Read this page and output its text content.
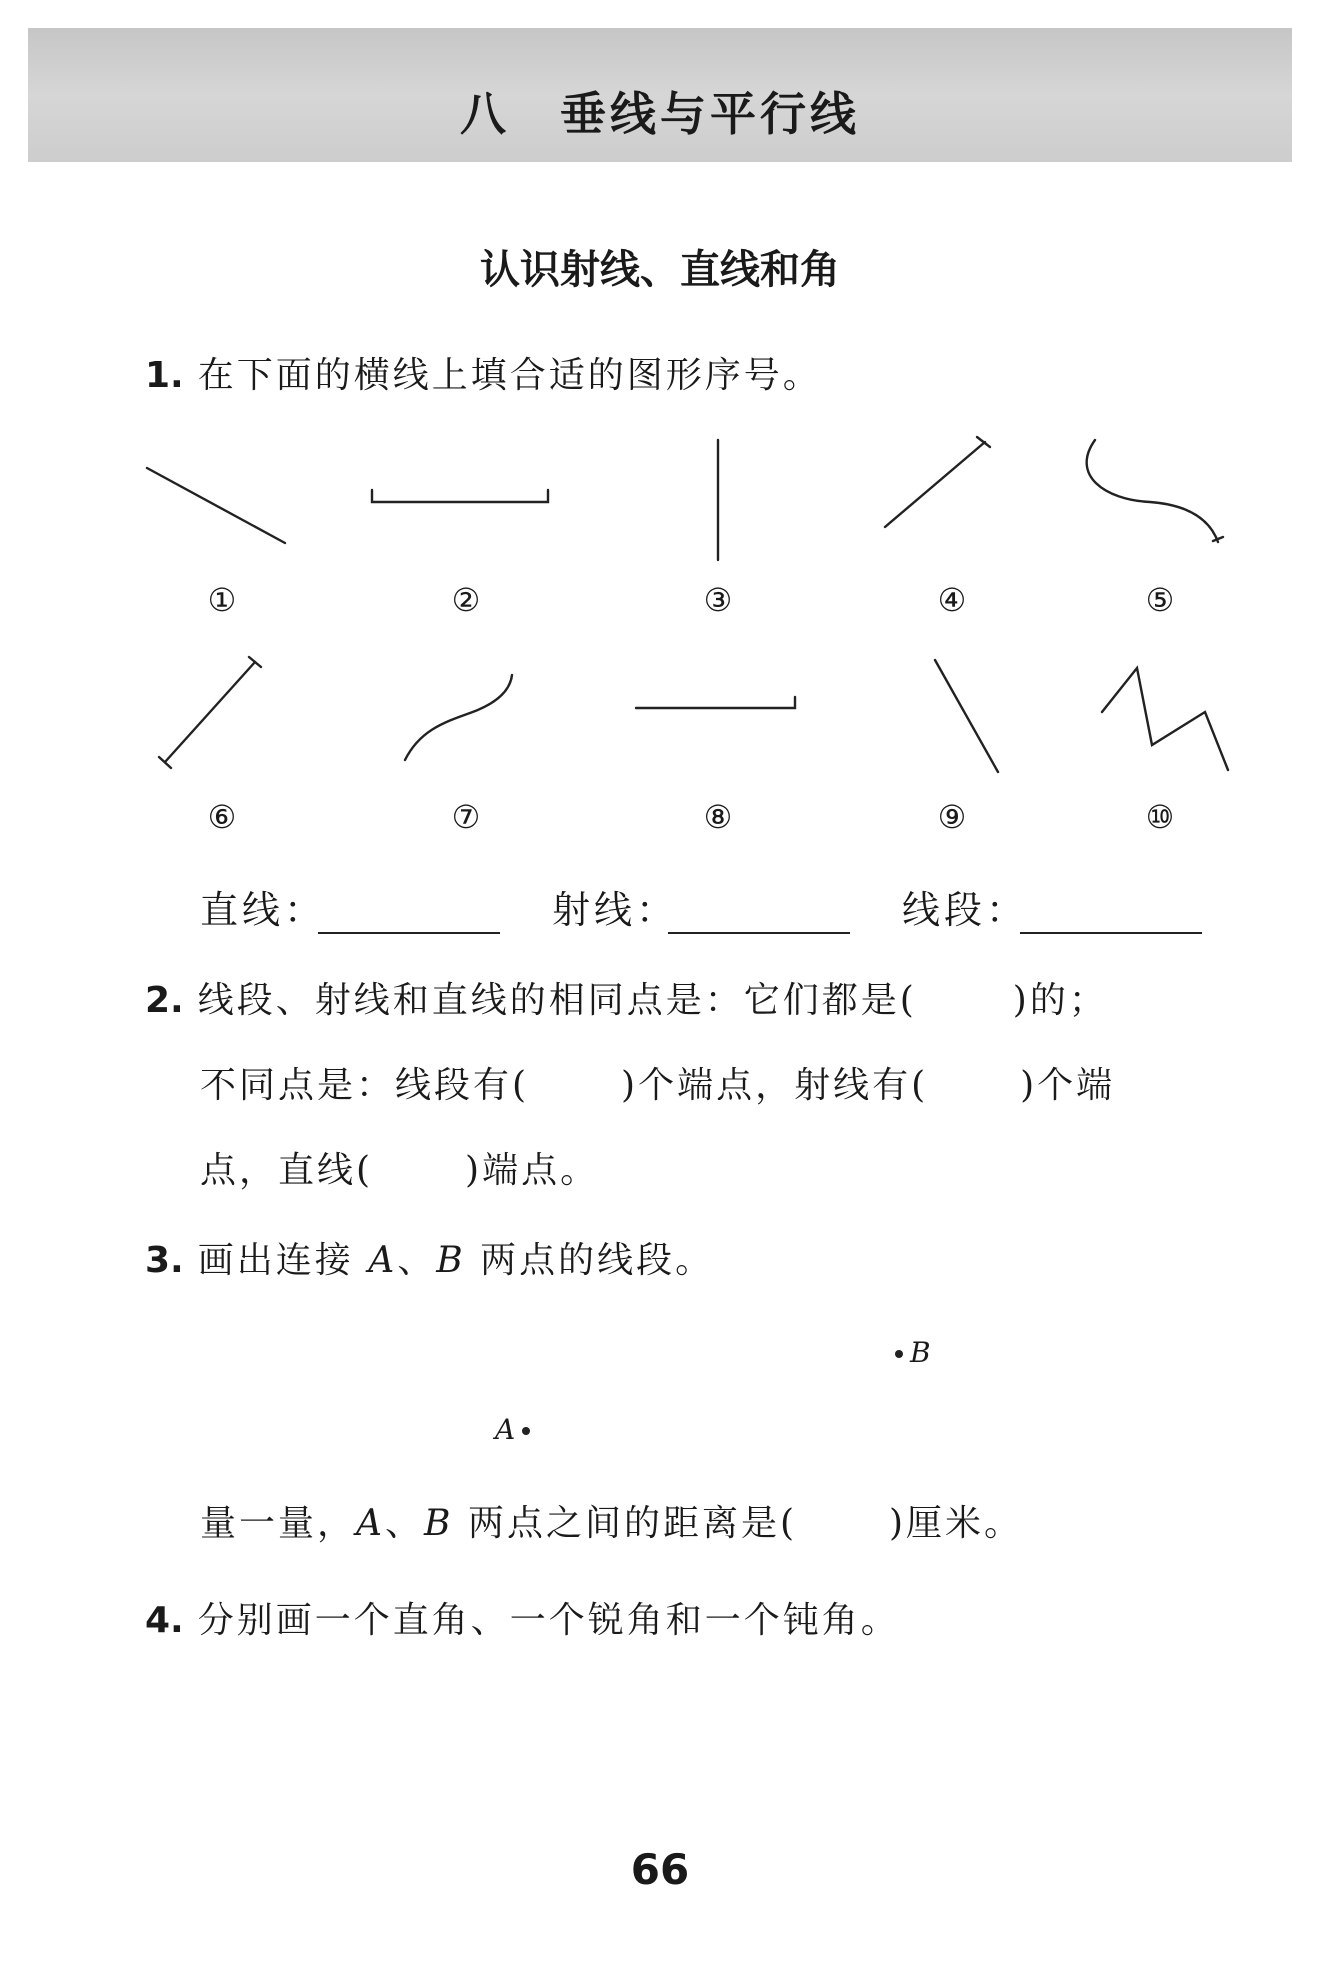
八　垂线与平行线
认识射线、直线和角
1. 在下面的横线上填合适的图形序号。
①	②	③	④	⑤
⑥	⑦	⑧	⑨	⑩
直线：	射线：	线段：
2. 线段、射线和直线的相同点是：它们都是(	)的；
不同点是：线段有(	)个端点，射线有(	)个端
点，直线(	)端点。
3. 画出连接 A、B 两点的线段。
B
A
量一量，A、B 两点之间的距离是(	)厘米。
4. 分别画一个直角、一个锐角和一个钝角。
66
